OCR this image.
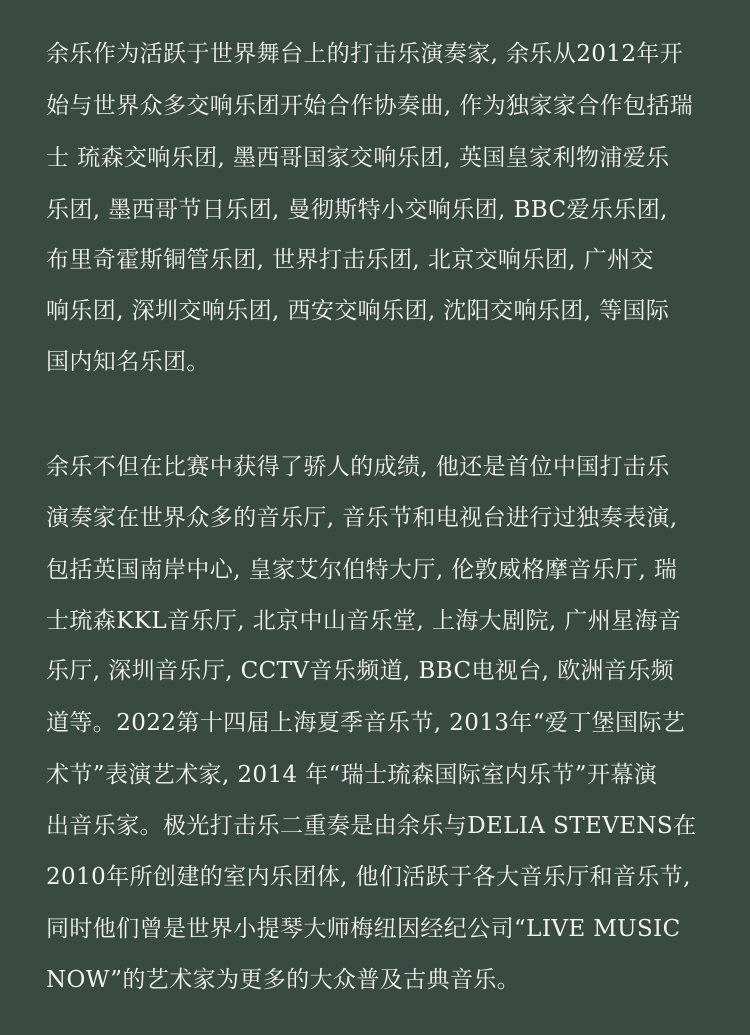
余乐作为活跃于世界舞台上的打击乐演奏家, 余乐从2012年开
始与世界众多交响乐团开始合作协奏曲, 作为独家家合作包括瑞
士 琉森交响乐团, 墨西哥国家交响乐团, 英国皇家利物浦爱乐
乐团, 墨西哥节日乐团, 曼彻斯特小交响乐团, BBC爱乐乐团,
布里奇霍斯铜管乐团, 世界打击乐团, 北京交响乐团, 广州交
响乐团, 深圳交响乐团, 西安交响乐团, 沈阳交响乐团, 等国际
国内知名乐团。
余乐不但在比赛中获得了骄人的成绩, 他还是首位中国打击乐
演奏家在世界众多的音乐厅, 音乐节和电视台进行过独奏表演,
包括英国南岸中心, 皇家艾尔伯特大厅, 伦敦威格摩音乐厅, 瑞
士琉森KKL音乐厅, 北京中山音乐堂, 上海大剧院, 广州星海音
乐厅, 深圳音乐厅, CCTV音乐频道, BBC电视台, 欧洲音乐频
道等。2022第十四届上海夏季音乐节, 2013年“爱丁堡国际艺
术节”表演艺术家, 2014 年“瑞士琉森国际室内乐节”开幕演
出音乐家。极光打击乐二重奏是由余乐与DELIA STEVENS在
2010年所创建的室内乐团体, 他们活跃于各大音乐厅和音乐节,
同时他们曾是世界小提琴大师梅纽因经纪公司“LIVE MUSIC
NOW”的艺术家为更多的大众普及古典音乐。
